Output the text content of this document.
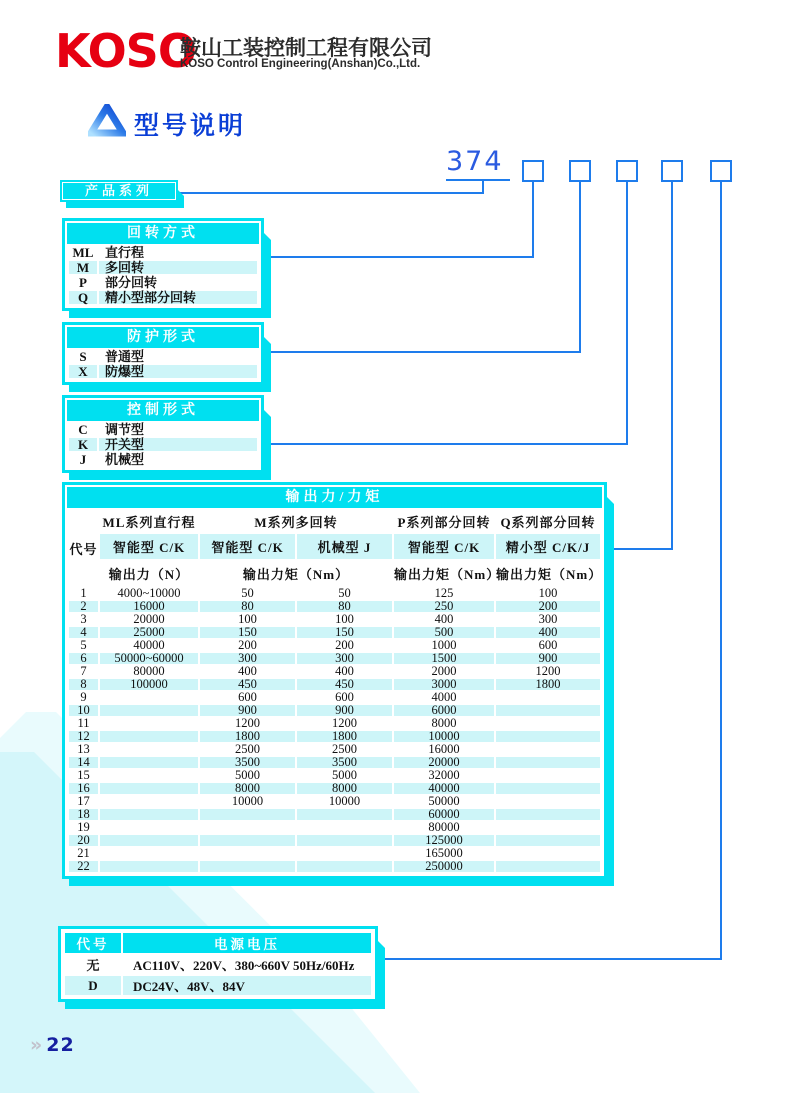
KOSO
鞍山工装控制工程有限公司
KOSO Control Engineering(Anshan)Co.,Ltd.
型号说明
374
产品系列
回转方式
ML	直行程
M	多回转
P	部分回转
Q	精小型部分回转
防护形式
S	普通型
X	防爆型
控制形式
C	调节型
K	开关型
J	机械型
输出力/力矩
代号	ML系列直行程	M系列多回转		P系列部分回转	Q系列部分回转
	智能型 C/K	智能型 C/K	机械型 J	智能型 C/K	精小型 C/K/J
	输出力（N）	输出力矩（Nm）		输出力矩（Nm）	输出力矩（Nm）
1	4000~10000	50	50	125	100
2	16000	80	80	250	200
3	20000	100	100	400	300
4	25000	150	150	500	400
5	40000	200	200	1000	600
6	50000~60000	300	300	1500	900
7	80000	400	400	2000	1200
8	100000	450	450	3000	1800
9		600	600	4000	
10		900	900	6000	
11		1200	1200	8000	
12		1800	1800	10000	
13		2500	2500	16000	
14		3500	3500	20000	
15		5000	5000	32000	
16		8000	8000	40000	
17		10000	10000	50000	
18				60000	
19				80000	
20				125000	
21				165000	
22				250000	
代号	电源电压
无	AC110V、220V、380~660V 50Hz/60Hz
D	DC24V、48V、84V
» 22
